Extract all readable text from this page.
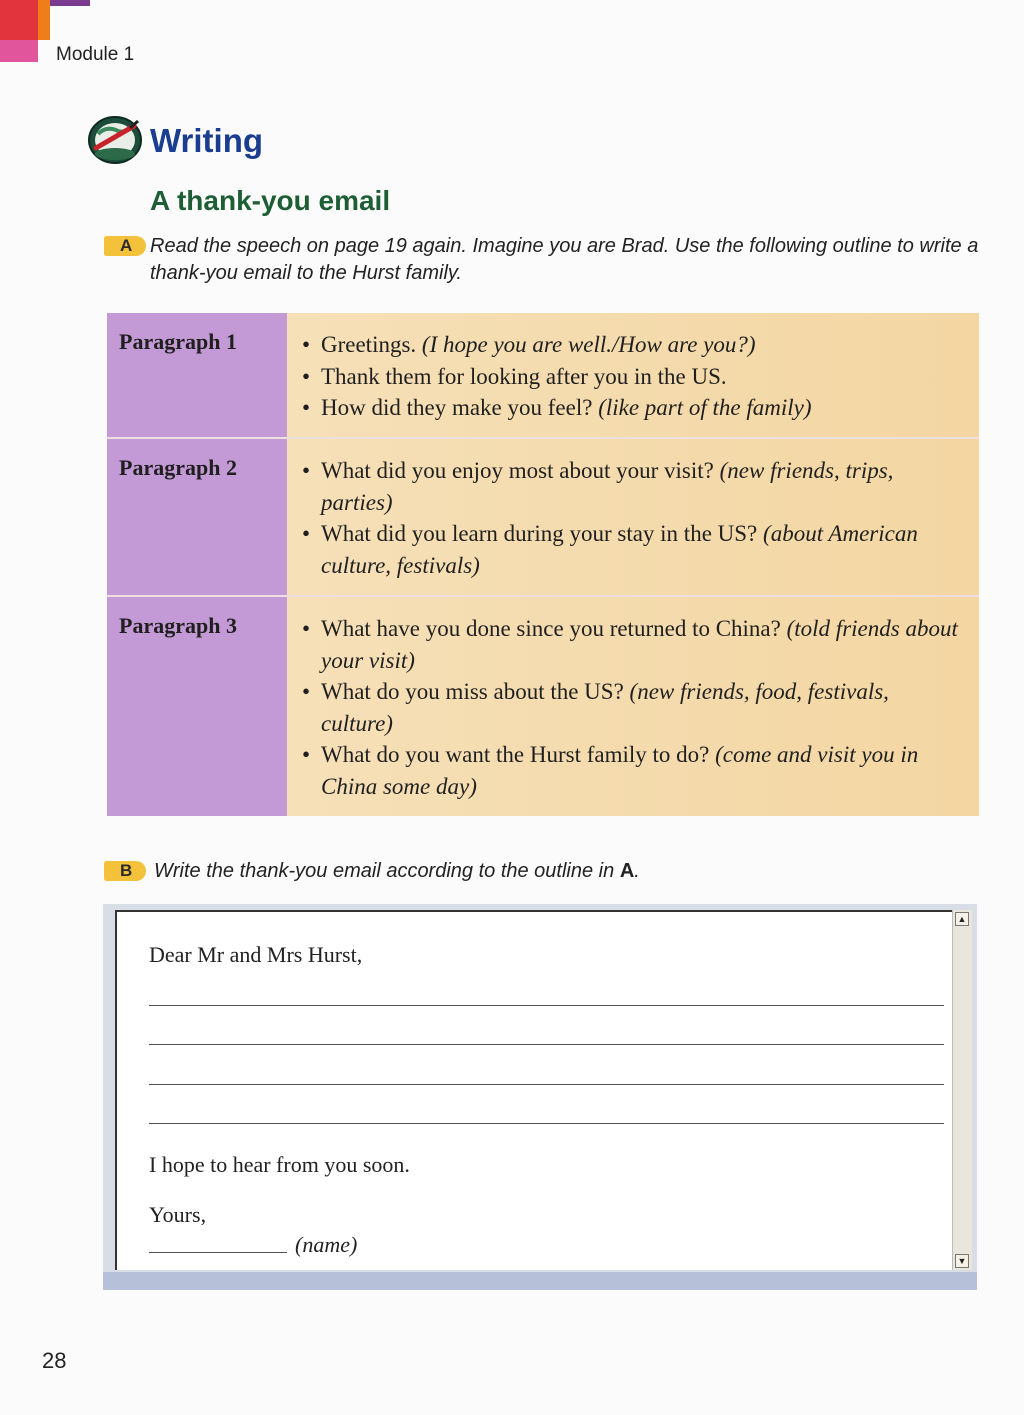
Module 1
Writing
A thank-you email
A Read the speech on page 19 again. Imagine you are Brad. Use the following outline to write a thank-you email to the Hurst family.
Paragraph 1	• Greetings. (I hope you are well./How are you?)
• Thank them for looking after you in the US.
• How did they make you feel? (like part of the family)
Paragraph 2	• What did you enjoy most about your visit? (new friends, trips, parties)
• What did you learn during your stay in the US? (about American culture, festivals)
Paragraph 3	• What have you done since you returned to China? (told friends about your visit)
• What do you miss about the US? (new friends, food, festivals, culture)
• What do you want the Hurst family to do? (come and visit you in China some day)
B	Write the thank-you email according to the outline in A.
Dear Mr and Mrs Hurst,
I hope to hear from you soon.
Yours,
(name)
▲
▼
28
